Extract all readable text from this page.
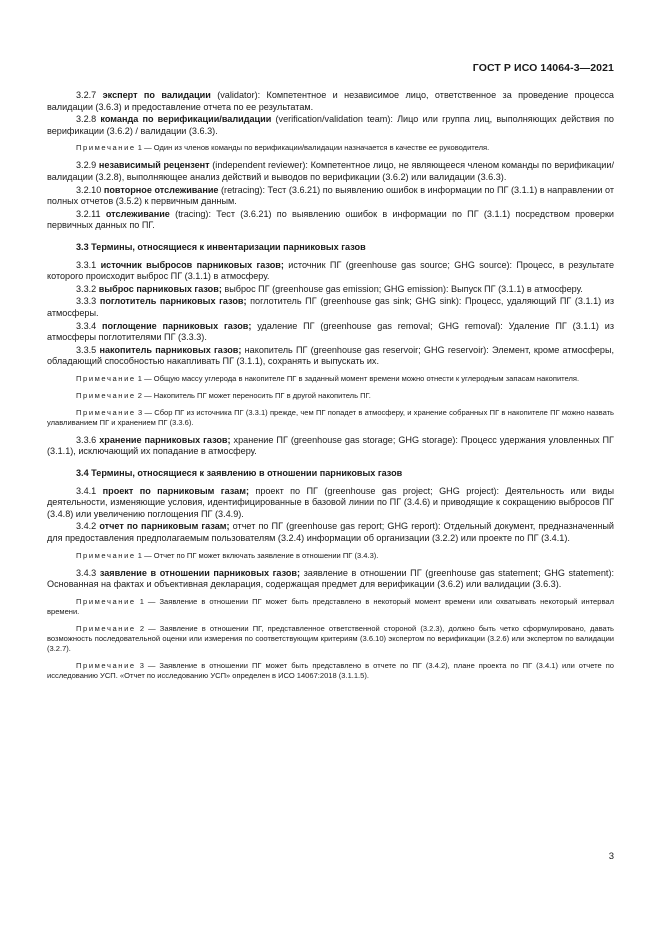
ГОСТ Р ИСО 14064-3—2021

3.2.7 эксперт по валидации (validator): Компетентное и независимое лицо, ответственное за проведение процесса валидации (3.6.3) и предоставление отчета по ее результатам.

3.2.8 команда по верификации/валидации (verification/validation team): Лицо или группа лиц, выполняющих действия по верификации (3.6.2) / валидации (3.6.3).

Примечание 1 — Один из членов команды по верификации/валидации назначается в качестве ее руководителя.

3.2.9 независимый рецензент (independent reviewer): Компетентное лицо, не являющееся членом команды по верификации/валидации (3.2.8), выполняющее анализ действий и выводов по верификации (3.6.2) или валидации (3.6.3).

3.2.10 повторное отслеживание (retracing): Тест (3.6.21) по выявлению ошибок в информации по ПГ (3.1.1) в направлении от полных отчетов (3.5.2) к первичным данным.

3.2.11 отслеживание (tracing): Тест (3.6.21) по выявлению ошибок в информации по ПГ (3.1.1) посредством проверки первичных данных по ПГ.

3.3 Термины, относящиеся к инвентаризации парниковых газов

3.3.1 источник выбросов парниковых газов; источник ПГ (greenhouse gas source; GHG source): Процесс, в результате которого происходит выброс ПГ (3.1.1) в атмосферу.

3.3.2 выброс парниковых газов; выброс ПГ (greenhouse gas emission; GHG emission): Выпуск ПГ (3.1.1) в атмосферу.

3.3.3 поглотитель парниковых газов; поглотитель ПГ (greenhouse gas sink; GHG sink): Процесс, удаляющий ПГ (3.1.1) из атмосферы.

3.3.4 поглощение парниковых газов; удаление ПГ (greenhouse gas removal; GHG removal): Удаление ПГ (3.1.1) из атмосферы поглотителями ПГ (3.3.3).

3.3.5 накопитель парниковых газов; накопитель ПГ (greenhouse gas reservoir; GHG reservoir): Элемент, кроме атмосферы, обладающий способностью накапливать ПГ (3.1.1), сохранять и выпускать их.

Примечание 1 — Общую массу углерода в накопителе ПГ в заданный момент времени можно отнести к углеродным запасам накопителя.

Примечание 2 — Накопитель ПГ может переносить ПГ в другой накопитель ПГ.

Примечание 3 — Сбор ПГ из источника ПГ (3.3.1) прежде, чем ПГ попадет в атмосферу, и хранение собранных ПГ в накопителе ПГ можно назвать улавливанием ПГ и хранением ПГ (3.3.6).

3.3.6 хранение парниковых газов; хранение ПГ (greenhouse gas storage; GHG storage): Процесс удержания уловленных ПГ (3.1.1), исключающий их попадание в атмосферу.

3.4 Термины, относящиеся к заявлению в отношении парниковых газов

3.4.1 проект по парниковым газам; проект по ПГ (greenhouse gas project; GHG project): Деятельность или виды деятельности, изменяющие условия, идентифицированные в базовой линии по ПГ (3.4.6) и приводящие к сокращению выбросов ПГ (3.4.8) или увеличению поглощения ПГ (3.4.9).

3.4.2 отчет по парниковым газам; отчет по ПГ (greenhouse gas report; GHG report): Отдельный документ, предназначенный для предоставления предполагаемым пользователям (3.2.4) информации об организации (3.2.2) или проекте по ПГ (3.4.1).

Примечание 1 — Отчет по ПГ может включать заявление в отношении ПГ (3.4.3).

3.4.3 заявление в отношении парниковых газов; заявление в отношении ПГ (greenhouse gas statement; GHG statement): Основанная на фактах и объективная декларация, содержащая предмет для верификации (3.6.2) или валидации (3.6.3).

Примечание 1 — Заявление в отношении ПГ может быть представлено в некоторый момент времени или охватывать некоторый интервал времени.

Примечание 2 — Заявление в отношении ПГ, представленное ответственной стороной (3.2.3), должно быть четко сформулировано, давать возможность последовательной оценки или измерения по соответствующим критериям (3.6.10) экспертом по верификации (3.2.6) или экспертом по валидации (3.2.7).

Примечание 3 — Заявление в отношении ПГ может быть представлено в отчете по ПГ (3.4.2), плане проекта по ПГ (3.4.1) или отчете по исследованию УСП. «Отчет по исследованию УСП» определен в ИСО 14067:2018 (3.1.1.5).

3
